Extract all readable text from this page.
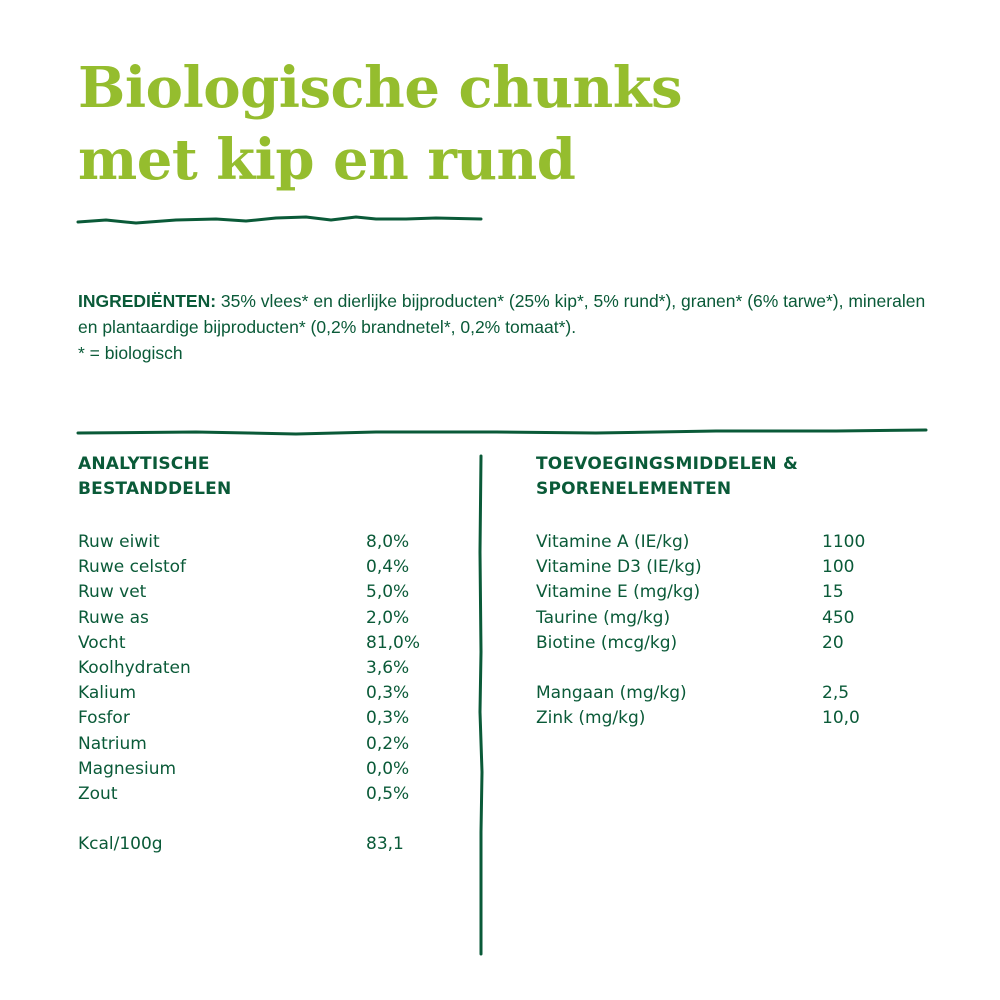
Biologische chunks
met kip en rund
INGREDIËNTEN: 35% vlees* en dierlijke bijproducten* (25% kip*, 5% rund*), granen* (6% tarwe*), mineralen en plantaardige bijproducten* (0,2% brandnetel*, 0,2% tomaat*).
* = biologisch
ANALYTISCHE
BESTANDDELEN
Ruw eiwit	8,0%
Ruwe celstof	0,4%
Ruw vet	5,0%
Ruwe as	2,0%
Vocht	81,0%
Koolhydraten	3,6%
Kalium	0,3%
Fosfor	0,3%
Natrium	0,2%
Magnesium	0,0%
Zout	0,5%
Kcal/100g	83,1
TOEVOEGINGSMIDDELEN &
SPORENELEMENTEN
Vitamine A (IE/kg)	1100
Vitamine D3 (IE/kg)	100
Vitamine E (mg/kg)	15
Taurine (mg/kg)	450
Biotine (mcg/kg)	20
Mangaan (mg/kg)	2,5
Zink (mg/kg)	10,0
